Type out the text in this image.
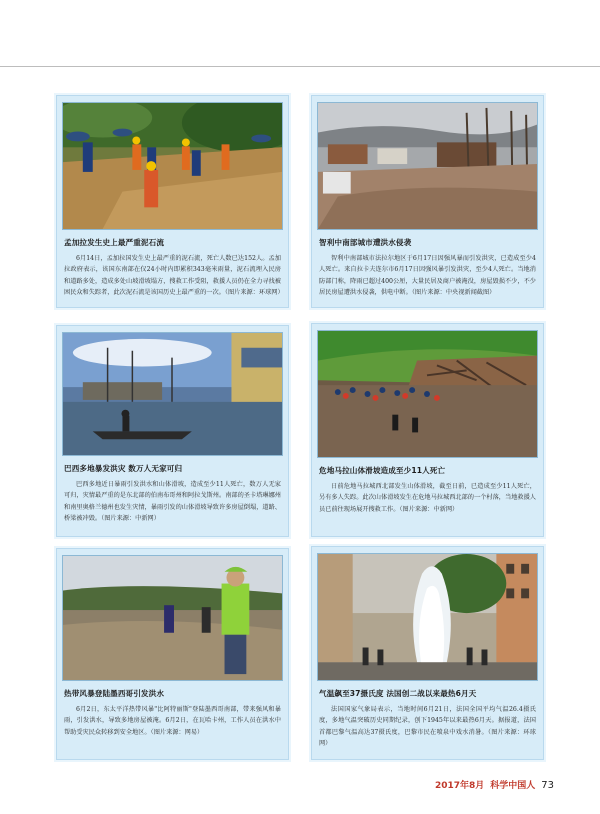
孟加拉发生史上最严重泥石流

6月14日，孟加拉国发生史上最严重的泥石流，死亡人数已达152人。孟加拉政府表示，该国东南部在仅24小时内即累积343毫米雨量，泥石流埋入民房和道路多处，造成多处山坡滑坡塌方，搜救工作受阻，救援人员仍在全力寻找被困民众和失踪者，此次泥石流是该国历史上最严重的一次。（图片来源：环球网）

智利中南部城市遭洪水侵袭

智利中南部城市法拉尔地区于6月17日因强风暴而引发洪灾，已造成至少4人死亡。来自拉卡夫连尔市6月17日因强风暴引发洪灾，至少4人死亡。当地消防部门称，降雨已超过400公厘，大量民居及商户被淹没，房屋毁损不少，不少居民房屋遭洪水侵袭，供电中断。（图片来源：中央视新闻截图）

巴西多地暴发洪灾 数万人无家可归

巴西多地近日暴雨引发洪水和山体滑坡，造成至少11人死亡，数万人无家可归，灾情最严重的是东北部的伯南布哥州和阿拉戈斯州。南部的圣卡塔琳娜州和南里奥格兰德州也发生灾情，暴雨引发的山体滑坡导致许多房屋倒塌，道路、桥梁被冲毁。（图片来源：中新网）

危地马拉山体滑坡造成至少11人死亡

日前危地马拉城西北部发生山体滑坡，截至日前，已造成至少11人死亡，另有多人失踪。此次山体滑坡发生在危地马拉城西北部的一个村落，当地救援人员已前往现场展开搜救工作。（图片来源：中新网）

热带风暴登陆墨西哥引发洪水

6月2日，东太平洋热带风暴"比阿特丽斯"登陆墨西哥南部，带来强风和暴雨，引发洪水，导致多地房屋被淹。6月2日，在瓦哈卡州，工作人员在洪水中帮助受灾民众转移到安全地区。（图片来源：网易）

气温飙至37摄氏度 法国创二战以来最热6月天

法国国家气象局表示，当地时间6月21日，法国全国平均气温26.4摄氏度，多地气温突破历史同期纪录，创下1945年以来最热6月天。据报道，法国首都巴黎气温高达37摄氏度，巴黎市民在喷泉中戏水消暑。（图片来源：环球网）

2017年8月 科学中国人 73
